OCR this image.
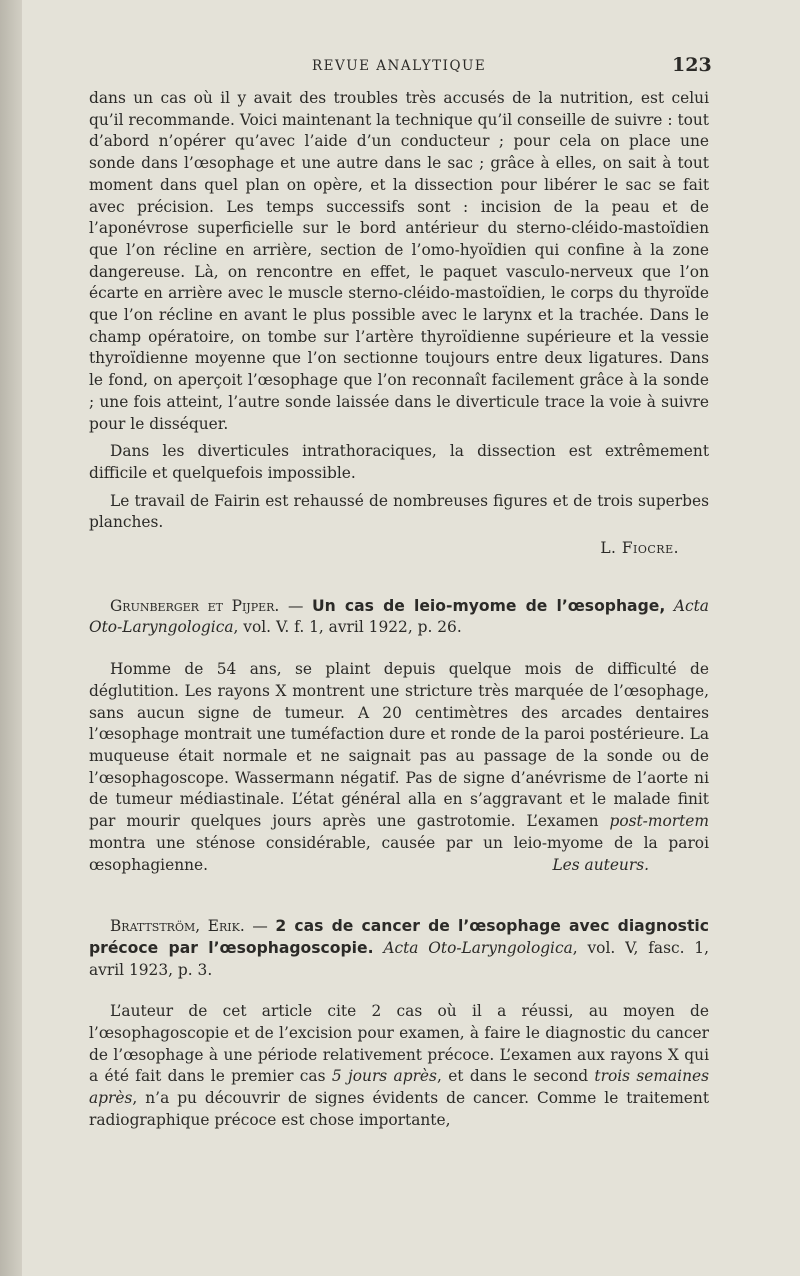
REVUE ANALYTIQUE	123

dans un cas où il y avait des troubles très accusés de la nutrition, est celui qu’il recommande. Voici maintenant la technique qu’il conseille de suivre : tout d’abord n’opérer qu’avec l’aide d’un conducteur ; pour cela on place une sonde dans l’œsophage et une autre dans le sac ; grâce à elles, on sait à tout moment dans quel plan on opère, et la dissection pour libérer le sac se fait avec précision. Les temps successifs sont : incision de la peau et de l’aponévrose superficielle sur le bord antérieur du sterno-cléido-mastoïdien que l’on récline en arrière, section de l’omo-hyoïdien qui confine à la zone dangereuse. Là, on rencontre en effet, le paquet vasculo-nerveux que l’on écarte en arrière avec le muscle sterno-cléido-mastoïdien, le corps du thyroïde que l’on récline en avant le plus possible avec le larynx et la trachée. Dans le champ opératoire, on tombe sur l’artère thyroïdienne supérieure et la vessie thyroïdienne moyenne que l’on sectionne toujours entre deux ligatures. Dans le fond, on aperçoit l’œsophage que l’on reconnaît facilement grâce à la sonde ; une fois atteint, l’autre sonde laissée dans le diverticule trace la voie à suivre pour le disséquer.

Dans les diverticules intrathoraciques, la dissection est extrêmement difficile et quelquefois impossible.

Le travail de Fairin est rehaussé de nombreuses figures et de trois superbes planches.

L. Fiocre.

Grunberger et Pijper. — Un cas de leio-myome de l’œsophage, Acta Oto-Laryngologica, vol. V. f. 1, avril 1922, p. 26.

Homme de 54 ans, se plaint depuis quelque mois de difficulté de déglutition. Les rayons X montrent une stricture très marquée de l’œsophage, sans aucun signe de tumeur. A 20 centimètres des arcades dentaires l’œsophage montrait une tuméfaction dure et ronde de la paroi postérieure. La muqueuse était normale et ne saignait pas au passage de la sonde ou de l’œsophagoscope. Wassermann négatif. Pas de signe d’anévrisme de l’aorte ni de tumeur médiastinale. L’état général alla en s’aggravant et le malade finit par mourir quelques jours après une gastrotomie. L’examen post-mortem montra une sténose considérable, causée par un leio-myome de la paroi œsophagienne.	Les auteurs.

Brattström, Erik. — 2 cas de cancer de l’œsophage avec diagnostic précoce par l’œsophagoscopie. Acta Oto-Laryngologica, vol. V, fasc. 1, avril 1923, p. 3.

L’auteur de cet article cite 2 cas où il a réussi, au moyen de l’œsophagoscopie et de l’excision pour examen, à faire le diagnostic du cancer de l’œsophage à une période relativement précoce. L’examen aux rayons X qui a été fait dans le premier cas 5 jours après, et dans le second trois semaines après, n’a pu découvrir de signes évidents de cancer. Comme le traitement radiographique précoce est chose importante,
